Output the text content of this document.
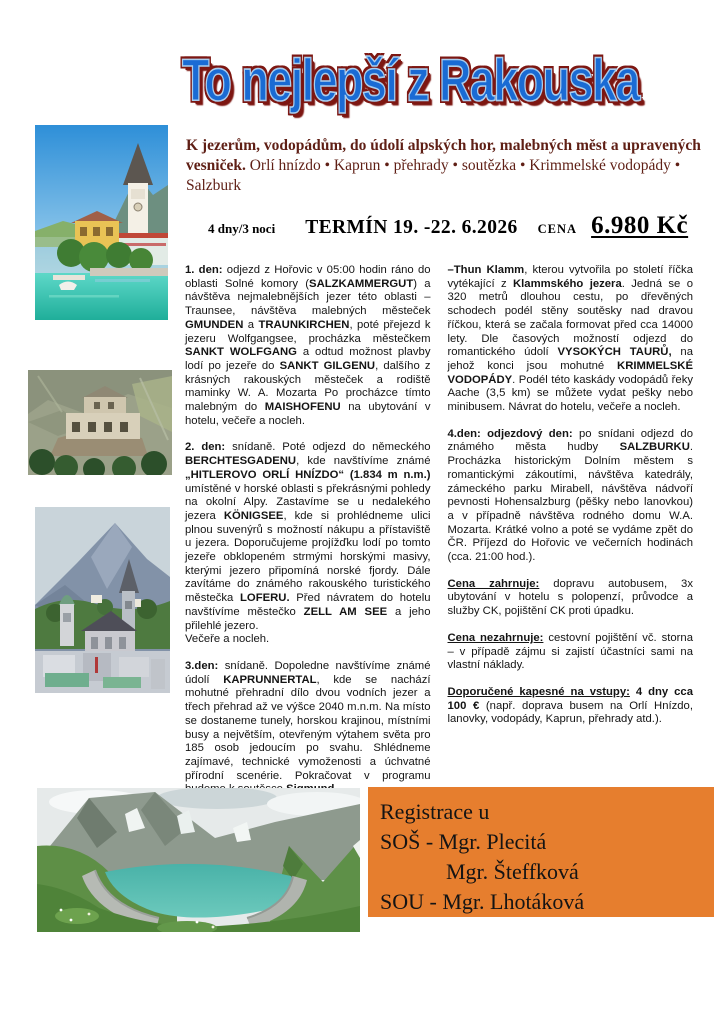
To nejlepší z Rakouska
K jezerům, vodopádům, do údolí alpských hor, malebných měst a upravených vesniček. Orlí hnízdo • Kaprun • přehrady • soutězka • Krimmelské vodopády • Salzburk
4 dny/3 noci TERMÍN 19. -22. 6.2026 CENA 6.980 Kč

1. den: odjezd z Hořovic v 05:00 hodin ráno do oblasti Solné komory (SALZKAMMERGUT) a návštěva nejmalebnějších jezer této oblasti – Traunsee, návštěva malebných městeček GMUNDEN a TRAUNKIRCHEN, poté přejezd k jezeru Wolfgangsee, procházka městečkem SANKT WOLFGANG a odtud možnost plavby lodí po jezeře do SANKT GILGENU, dalšího z krásných rakouských městeček a rodiště maminky W. A. Mozarta Po procházce tímto malebným do MAISHOFENU na ubytování v hotelu, večeře a nocleh.

2. den: snídaně. Poté odjezd do německého BERCHTESGADENU, kde navštívíme známé „HITLEROVO ORLÍ HNÍZDO“ (1.834 m n.m.) umístěné v horské oblasti s překrásnými pohledy na okolní Alpy. Zastavíme se u nedalekého jezera KÖNIGSEE, kde si prohlédneme ulici plnou suvenýrů s možností nákupu a přístaviště u jezera. Doporučujeme projížďku lodí po tomto jezeře obklopeném strmými horskými masivy, kterými jezero připomíná norské fjordy. Dále zavítáme do známého rakouského turistického městečka LOFERU. Před návratem do hotelu navštívíme městečko ZELL AM SEE a jeho přilehlé jezero.
Večeře a nocleh.

3.den: snídaně. Dopoledne navštívíme známé údolí KAPRUNNERTAL, kde se nachází mohutné přehradní dílo dvou vodních jezer a třech přehrad až ve výšce 2040 m.n.m. Na místo se dostaneme tunely, horskou krajinou, místními busy a největším, otevřeným výtahem světa pro 185 osob jedoucím po svahu. Shlédneme zajímavé, technické vymoženosti a úchvatné přírodní scenérie. Pokračovat v programu

–Thun Klamm, kterou vytvořila po století říčka vytékající z Klammského jezera. Jedná se o 320 metrů dlouhou cestu, po dřevěných schodech podél stěny soutěsky nad dravou říčkou, která se začala formovat před cca 14000 lety. Dle časových možností odjezd do romantického údolí VYSOKÝCH TAURŮ, na jehož konci jsou mohutné KRIMMELSKÉ VODOPÁDY. Podél této kaskády vodopádů řeky Aache (3,5 km) se můžete vydat pešky nebo minibusem. Návrat do hotelu, večeře a nocleh.

4.den: odjezdový den: po snídani odjezd do známého města hudby SALZBURKU. Procházka historickým Dolním městem s romantickými zákoutími, návštěva katedrály, zámeckého parku Mirabell, návštěva nádvoří pevnosti Hohensalzburg (pěšky nebo lanovkou) a v případně návštěva rodného domu W.A. Mozarta. Krátké volno a poté se vydáme zpět do ČR. Příjezd do Hořovic ve večerních hodinách (cca. 21:00 hod.).

Cena zahrnuje: dopravu autobusem, 3x ubytování v hotelu s polopenzí, průvodce a služby CK, pojištění CK proti úpadku.

Cena nezahrnuje: cestovní pojištění vč. storna – v případě zájmu si zajistí účastníci sami na vlastní náklady.

Doporučené kapesné na vstupy: 4 dny cca 100 € (např. doprava busem na Orlí Hnízdo, lanovky, vodopády, Kaprun, přehrady atd.).

Registrace u
SOŠ - Mgr. Plecitá
Mgr. Šteffková
SOU - Mgr. Lhotáková
